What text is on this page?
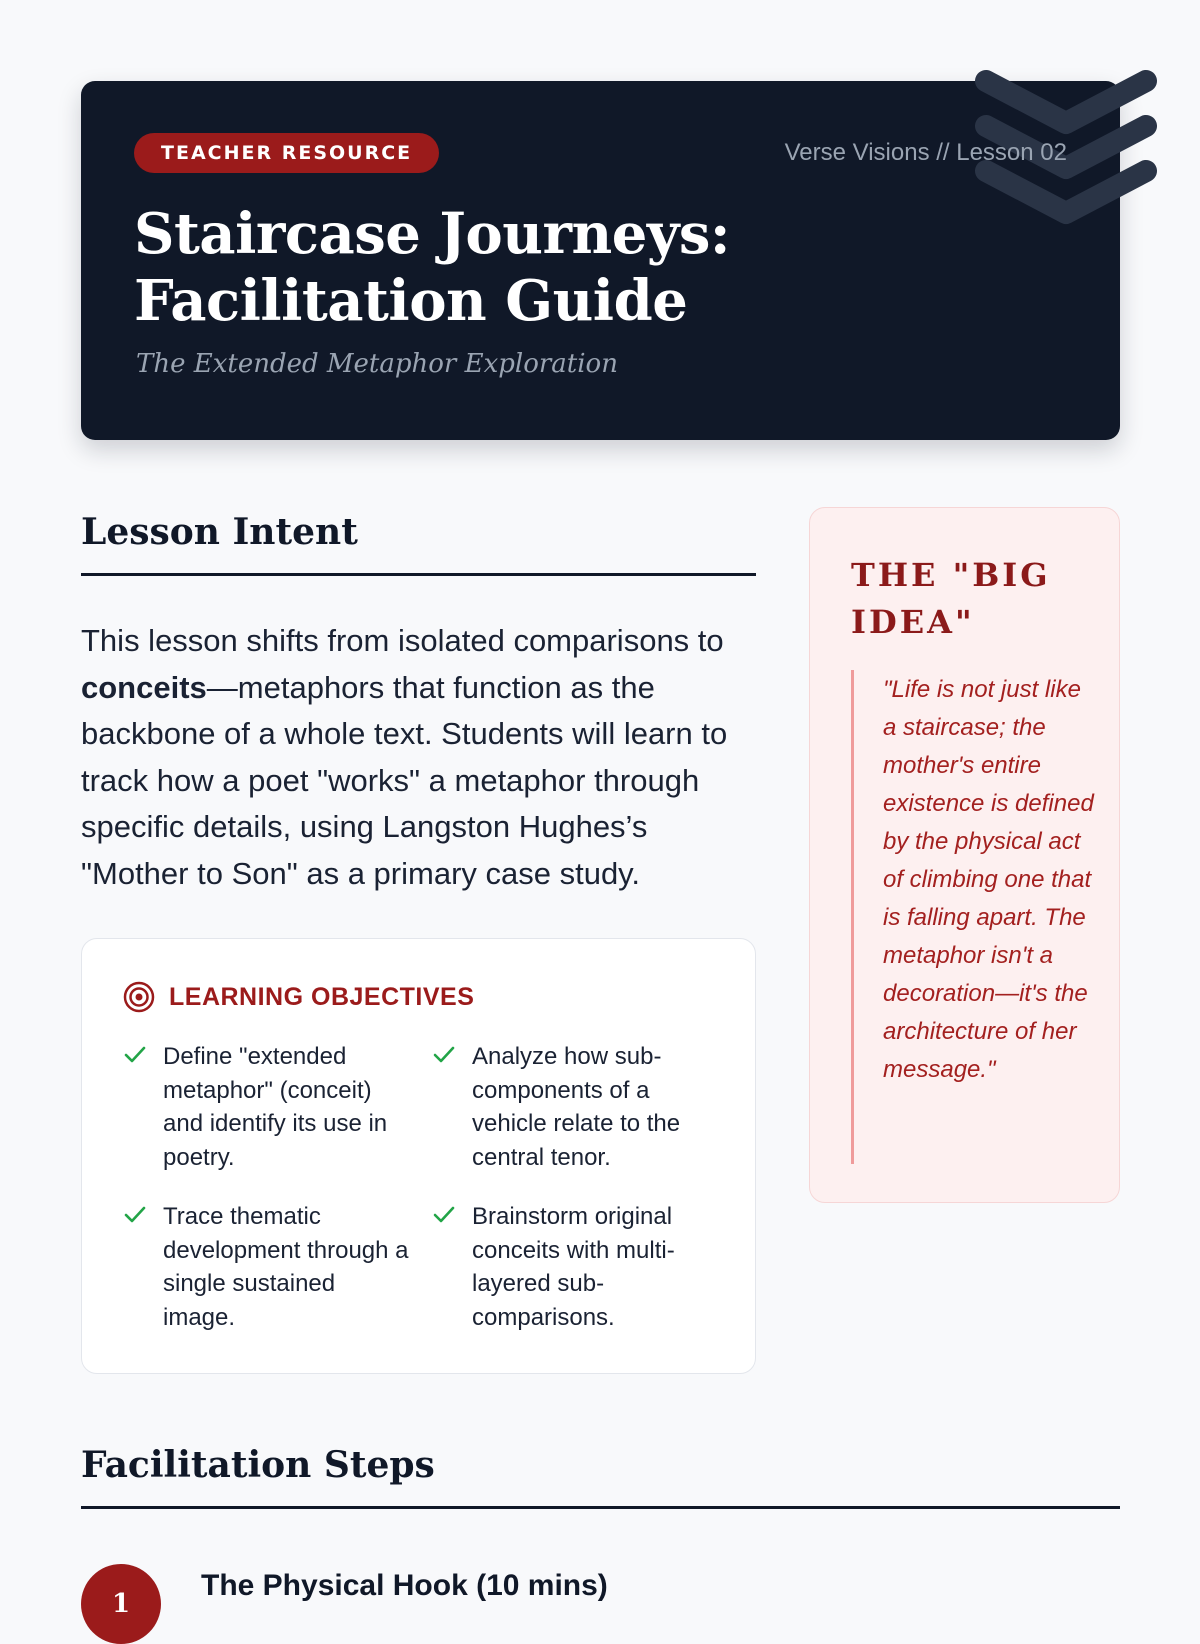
TEACHER RESOURCE	Verse Visions // Lesson 02
Staircase Journeys: Facilitation Guide
The Extended Metaphor Exploration
Lesson Intent

This lesson shifts from isolated comparisons to conceits—metaphors that function as the backbone of a whole text. Students will learn to track how a poet "works" a metaphor through specific details, using Langston Hughes’s "Mother to Son" as a primary case study.

LEARNING OBJECTIVES
Define "extended metaphor" (conceit) and identify its use in poetry.
Analyze how sub-components of a vehicle relate to the central tenor.
Trace thematic development through a single sustained image.
Brainstorm original conceits with multi-layered sub-comparisons.
THE "BIG IDEA"
"Life is not just like a staircase; the mother's entire existence is defined by the physical act of climbing one that is falling apart. The metaphor isn't a decoration—it's the architecture of her message."
Facilitation Steps
1
The Physical Hook (10 mins)
